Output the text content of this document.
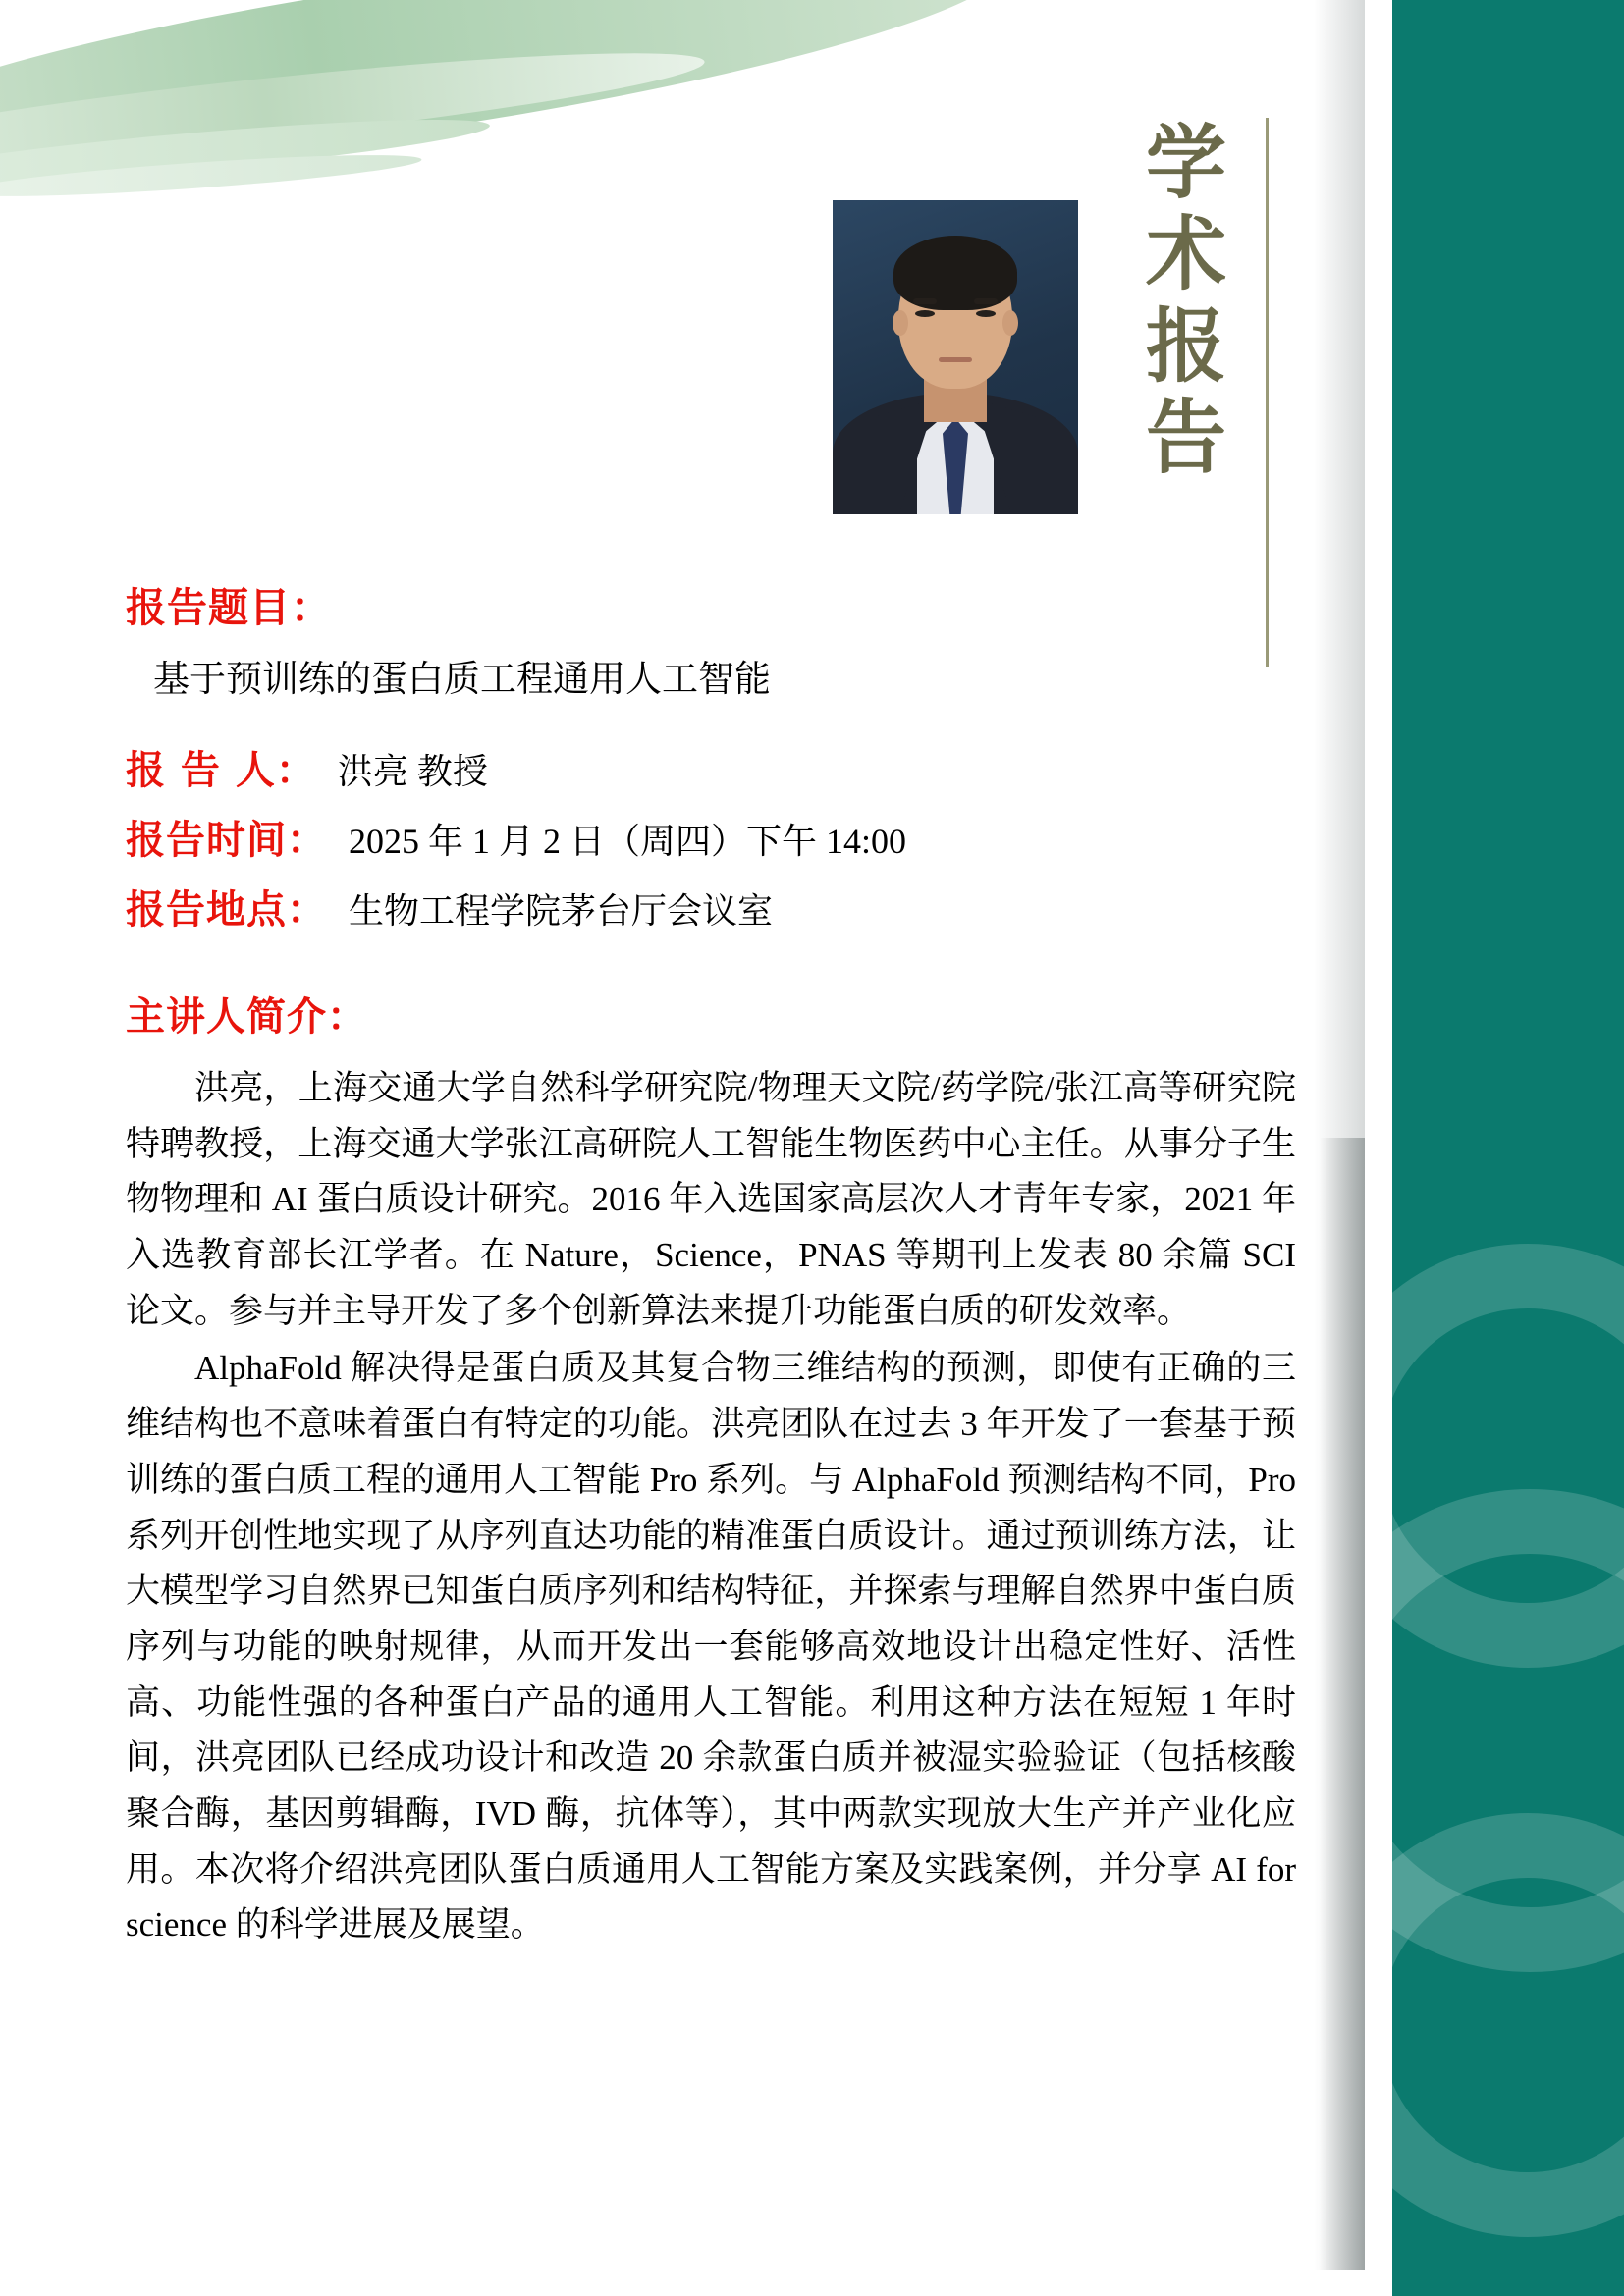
学
术
报
告
报告题目：
基于预训练的蛋白质工程通用人工智能
报 告 人： 洪亮 教授
报告时间： 2025 年 1 月 2 日（周四）下午 14:00
报告地点： 生物工程学院茅台厅会议室
主讲人简介：

洪亮，上海交通大学自然科学研究院/物理天文院/药学院/张江高等研究院特聘教授，上海交通大学张江高研院人工智能生物医药中心主任。从事分子生物物理和 AI 蛋白质设计研究。2016 年入选国家高层次人才青年专家，2021 年入选教育部长江学者。在 Nature，Science，PNAS 等期刊上发表 80 余篇 SCI 论文。参与并主导开发了多个创新算法来提升功能蛋白质的研发效率。

AlphaFold 解决得是蛋白质及其复合物三维结构的预测，即使有正确的三维结构也不意味着蛋白有特定的功能。洪亮团队在过去 3 年开发了一套基于预训练的蛋白质工程的通用人工智能 Pro 系列。与 AlphaFold 预测结构不同，Pro 系列开创性地实现了从序列直达功能的精准蛋白质设计。通过预训练方法，让大模型学习自然界已知蛋白质序列和结构特征，并探索与理解自然界中蛋白质序列与功能的映射规律，从而开发出一套能够高效地设计出稳定性好、活性高、功能性强的各种蛋白产品的通用人工智能。利用这种方法在短短 1 年时间，洪亮团队已经成功设计和改造 20 余款蛋白质并被湿实验验证（包括核酸聚合酶，基因剪辑酶，IVD 酶，抗体等），其中两款实现放大生产并产业化应用。本次将介绍洪亮团队蛋白质通用人工智能方案及实践案例，并分享 AI for science 的科学进展及展望。
